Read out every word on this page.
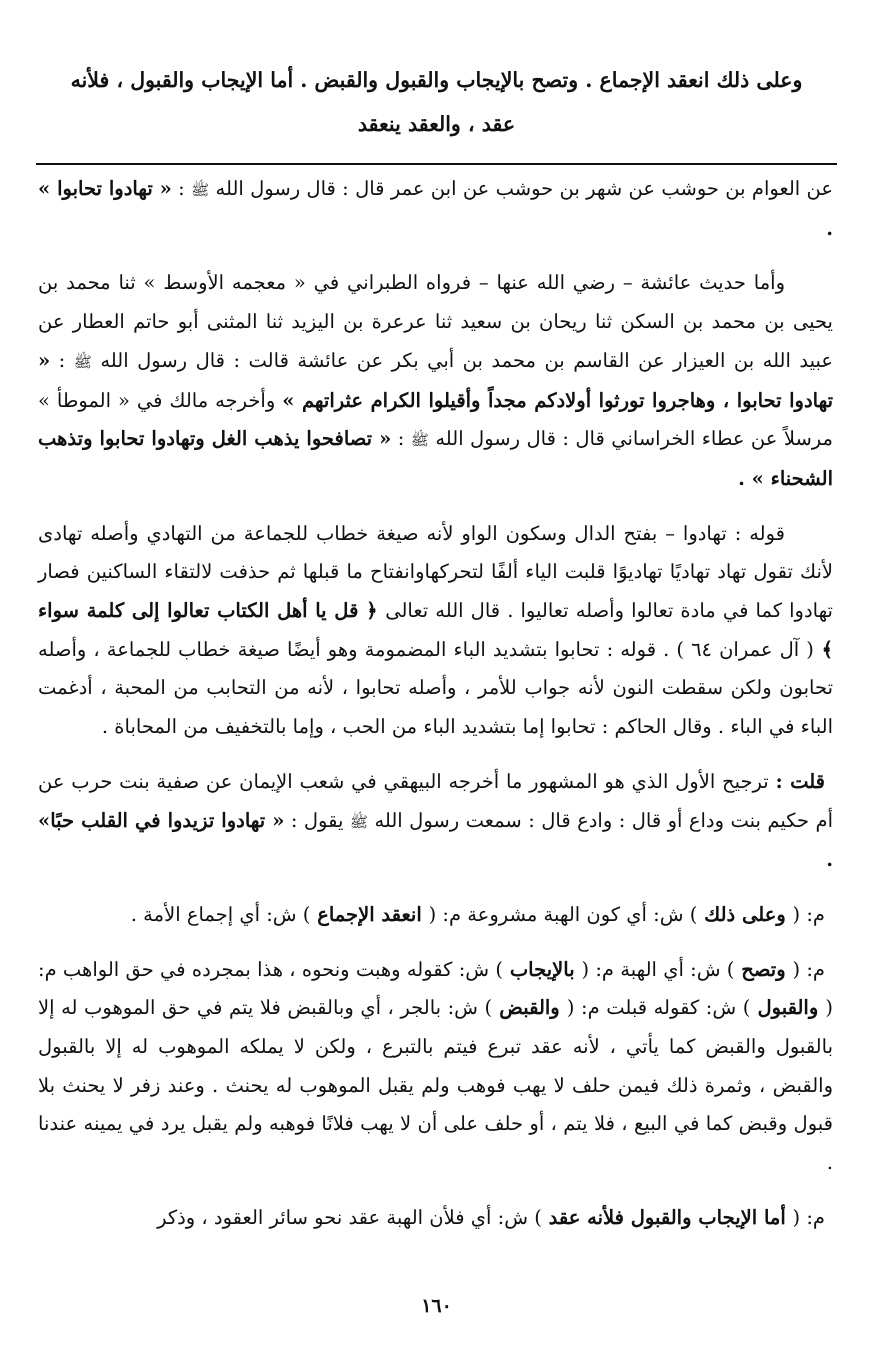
وعلى ذلك انعقد الإجماع . وتصح بالإيجاب والقبول والقبض . أما الإيجاب والقبول ، فلأنه
عقد ، والعقد ينعقد

عن العوام بن حوشب عن شهر بن حوشب عن ابن عمر قال : قال رسول الله ﷺ : « تهادوا تحابوا » .

وأما حديث عائشة – رضي الله عنها – فرواه الطبراني في « معجمه الأوسط » ثنا محمد بن يحيى بن محمد بن السكن ثنا ريحان بن سعيد ثنا عرعرة بن اليزيد ثنا المثنى أبو حاتم العطار عن عبيد الله بن العيزار عن القاسم بن محمد بن أبي بكر عن عائشة قالت : قال رسول الله ﷺ : « تهادوا تحابوا ، وهاجروا تورثوا أولادكم مجداً وأقيلوا الكرام عثراتهم » وأخرجه مالك في « الموطأ » مرسلاً عن عطاء الخراساني قال : قال رسول الله ﷺ : « تصافحوا يذهب الغل وتهادوا تحابوا وتذهب الشحناء » .

قوله : تهادوا – بفتح الدال وسكون الواو لأنه صيغة خطاب للجماعة من التهادي وأصله تهادى لأنك تقول تهاد تهاديًا تهاديوًا قلبت الياء ألفًا لتحركهاوانفتاح ما قبلها ثم حذفت لالتقاء الساكنين فصار تهادوا كما في مادة تعالوا وأصله تعاليوا . قال الله تعالى ﴿ قل يا أهل الكتاب تعالوا إلى كلمة سواء ﴾ ( آل عمران ٦٤ ) . قوله : تحابوا بتشديد الباء المضمومة وهو أيضًا صيغة خطاب للجماعة ، وأصله تحابون ولكن سقطت النون لأنه جواب للأمر ، وأصله تحابوا ، لأنه من التحابب من المحبة ، أدغمت الباء في الباء . وقال الحاكم : تحابوا إما بتشديد الباء من الحب ، وإما بالتخفيف من المحاباة .

قلت : ترجيح الأول الذي هو المشهور ما أخرجه البيهقي في شعب الإيمان عن صفية بنت حرب عن أم حكيم بنت وداع أو قال : وادع قال : سمعت رسول الله ﷺ يقول : « تهادوا تزيدوا في القلب حبًا» .

م: ( وعلى ذلك ) ش: أي كون الهبة مشروعة م: ( انعقد الإجماع ) ش: أي إجماع الأمة .

م: ( وتصح ) ش: أي الهبة م: ( بالإيجاب ) ش: كقوله وهبت ونحوه ، هذا بمجرده في حق الواهب م: ( والقبول ) ش: كقوله قبلت م: ( والقبض ) ش: بالجر ، أي وبالقبض فلا يتم في حق الموهوب له إلا بالقبول والقبض كما يأتي ، لأنه عقد تبرع فيتم بالتبرع ، ولكن لا يملكه الموهوب له إلا بالقبول والقبض ، وثمرة ذلك فيمن حلف لا يهب فوهب ولم يقبل الموهوب له يحنث . وعند زفر لا يحنث بلا قبول وقبض كما في البيع ، فلا يتم ، أو حلف على أن لا يهب فلانًا فوهبه ولم يقبل يرد في يمينه عندنا .

م: ( أما الإيجاب والقبول فلأنه عقد ) ش: أي فلأن الهبة عقد نحو سائر العقود ، وذكر

١٦٠
